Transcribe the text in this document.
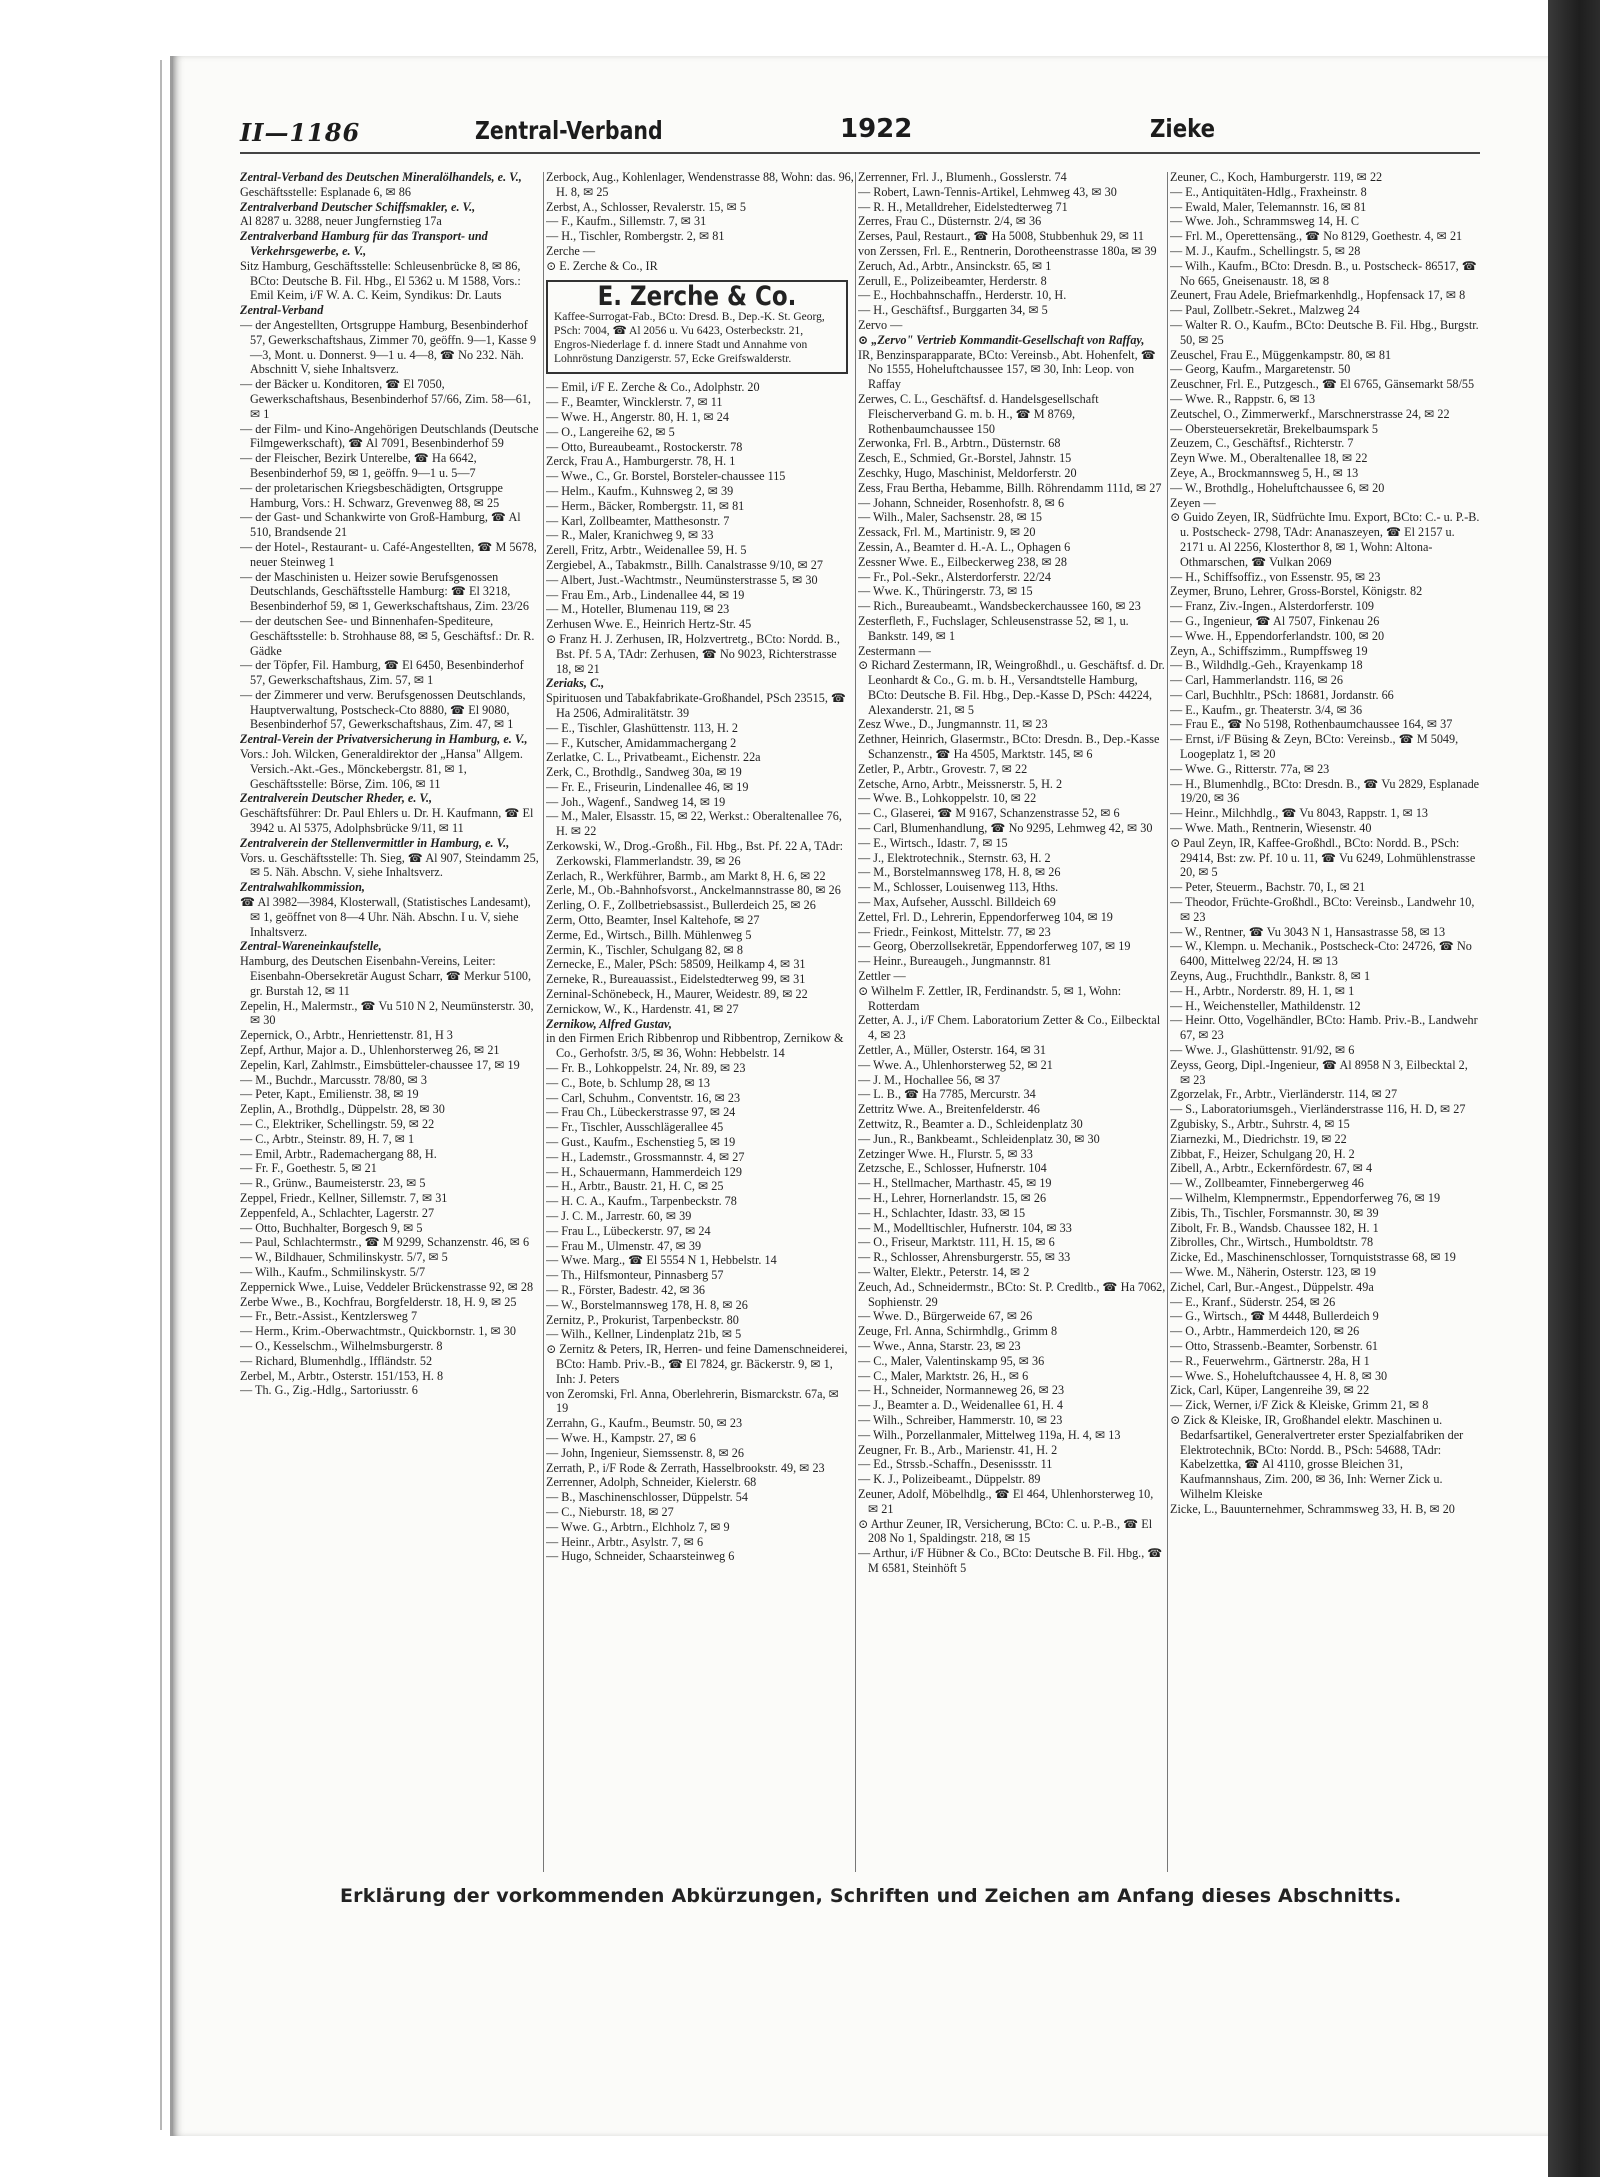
II—1186	Zentral-Verband	1922	Zieke
Zentral-Verband des Deutschen Mineralölhandels, e. V.,
Geschäftsstelle: Esplanade 6, ✉ 86
Zentralverband Deutscher Schiffsmakler, e. V.,
Al 8287 u. 3288, neuer Jungfernstieg 17a
Zentralverband Hamburg für das Transport- und Verkehrsgewerbe, e. V.,
Sitz Hamburg, Geschäftsstelle: Schleusenbrücke 8, ✉ 86, BCto: Deutsche B. Fil. Hbg., El 5362 u. M 1588, Vors.: Emil Keim, i/F W. A. C. Keim, Syndikus: Dr. Lauts
Zentral-Verband
— der Angestellten, Ortsgruppe Hamburg, Besenbinderhof 57, Gewerkschaftshaus, Zimmer 70, geöffn. 9—1, Kasse 9—3, Mont. u. Donnerst. 9—1 u. 4—8, ☎ No 232. Näh. Abschnitt V, siehe Inhaltsverz.
— der Bäcker u. Konditoren, ☎ El 7050, Gewerkschaftshaus, Besenbinderhof 57/66, Zim. 58—61, ✉ 1
— der Film- und Kino-Angehörigen Deutschlands (Deutsche Filmgewerkschaft), ☎ Al 7091, Besenbinderhof 59
— der Fleischer, Bezirk Unterelbe, ☎ Ha 6642, Besenbinderhof 59, ✉ 1, geöffn. 9—1 u. 5—7
— der proletarischen Kriegsbeschädigten, Ortsgruppe Hamburg, Vors.: H. Schwarz, Grevenweg 88, ✉ 25
— der Gast- und Schankwirte von Groß-Hamburg, ☎ Al 510, Brandsende 21
— der Hotel-, Restaurant- u. Café-Angestellten, ☎ M 5678, neuer Steinweg 1
— der Maschinisten u. Heizer sowie Berufsgenossen Deutschlands, Geschäftsstelle Hamburg: ☎ El 3218, Besenbinderhof 59, ✉ 1, Gewerkschaftshaus, Zim. 23/26
— der deutschen See- und Binnenhafen-Spediteure, Geschäftsstelle: b. Strohhause 88, ✉ 5, Geschäftsf.: Dr. R. Gädke
— der Töpfer, Fil. Hamburg, ☎ El 6450, Besenbinderhof 57, Gewerkschaftshaus, Zim. 57, ✉ 1
— der Zimmerer und verw. Berufsgenossen Deutschlands, Hauptverwaltung, Postscheck-Cto 8880, ☎ El 9080, Besenbinderhof 57, Gewerkschaftshaus, Zim. 47, ✉ 1
Zentral-Verein der Privatversicherung in Hamburg, e. V.,
Vors.: Joh. Wilcken, Generaldirektor der „Hansa" Allgem. Versich.-Akt.-Ges., Mönckebergstr. 81, ✉ 1, Geschäftsstelle: Börse, Zim. 106, ✉ 11
Zentralverein Deutscher Rheder, e. V.,
Geschäftsführer: Dr. Paul Ehlers u. Dr. H. Kaufmann, ☎ El 3942 u. Al 5375, Adolphsbrücke 9/11, ✉ 11
Zentralverein der Stellenvermittler in Hamburg, e. V.,
Vors. u. Geschäftsstelle: Th. Sieg, ☎ Al 907, Steindamm 25, ✉ 5. Näh. Abschn. V, siehe Inhaltsverz.
Zentralwahlkommission,
☎ Al 3982—3984, Klosterwall, (Statistisches Landesamt), ✉ 1, geöffnet von 8—4 Uhr. Näh. Abschn. I u. V, siehe Inhaltsverz.
Zentral-Wareneinkaufstelle,
Hamburg, des Deutschen Eisenbahn-Vereins, Leiter: Eisenbahn-Obersekretär August Scharr, ☎ Merkur 5100, gr. Burstah 12, ✉ 11
Zepelin, H., Malermstr., ☎ Vu 510 N 2, Neumünsterstr. 30, ✉ 30
Zepernick, O., Arbtr., Henriettenstr. 81, H 3
Zepf, Arthur, Major a. D., Uhlenhorsterweg 26, ✉ 21
Zepelin, Karl, Zahlmstr., Eimsbütteler-chaussee 17, ✉ 19
— M., Buchdr., Marcusstr. 78/80, ✉ 3
— Peter, Kapt., Emilienstr. 38, ✉ 19
Zeplin, A., Brothdlg., Düppelstr. 28, ✉ 30
— C., Elektriker, Schellingstr. 59, ✉ 22
— C., Arbtr., Steinstr. 89, H. 7, ✉ 1
— Emil, Arbtr., Rademachergang 88, H.
— Fr. F., Goethestr. 5, ✉ 21
— R., Grünw., Baumeisterstr. 23, ✉ 5
Zeppel, Friedr., Kellner, Sillemstr. 7, ✉ 31
Zeppenfeld, A., Schlachter, Lagerstr. 27
— Otto, Buchhalter, Borgesch 9, ✉ 5
— Paul, Schlachtermstr., ☎ M 9299, Schanzenstr. 46, ✉ 6
— W., Bildhauer, Schmilinskystr. 5/7, ✉ 5
— Wilh., Kaufm., Schmilinskystr. 5/7
Zeppernick Wwe., Luise, Veddeler Brückenstrasse 92, ✉ 28
Zerbe Wwe., B., Kochfrau, Borgfelderstr. 18, H. 9, ✉ 25
— Fr., Betr.-Assist., Kentzlersweg 7
— Herm., Krim.-Oberwachtmstr., Quickbornstr. 1, ✉ 30
— O., Kesselschm., Wilhelmsburgerstr. 8
— Richard, Blumenhdlg., Iffländstr. 52
Zerbel, M., Arbtr., Osterstr. 151/153, H. 8
— Th. G., Zig.-Hdlg., Sartoriusstr. 6
Zerbock, Aug., Kohlenlager, Wendenstrasse 88, Wohn: das. 96, H. 8, ✉ 25
Zerbst, A., Schlosser, Revalerstr. 15, ✉ 5
— F., Kaufm., Sillemstr. 7, ✉ 31
— H., Tischler, Rombergstr. 2, ✉ 81
Zerche —
⊙ E. Zerche & Co., IR
E. Zerche & Co.
Kaffee-Surrogat-Fab., BCto: Dresd. B., Dep.-K. St. Georg, PSch: 7004, ☎ Al 2056 u. Vu 6423, Osterbeckstr. 21, Engros-Niederlage f. d. innere Stadt und Annahme von Lohnröstung Danzigerstr. 57, Ecke Greifswalderstr.
— Emil, i/F E. Zerche & Co., Adolphstr. 20
— F., Beamter, Wincklerstr. 7, ✉ 11
— Wwe. H., Angerstr. 80, H. 1, ✉ 24
— O., Langereihe 62, ✉ 5
— Otto, Bureaubeamt., Rostockerstr. 78
Zerck, Frau A., Hamburgerstr. 78, H. 1
— Wwe., C., Gr. Borstel, Borsteler-chaussee 115
— Helm., Kaufm., Kuhnsweg 2, ✉ 39
— Herm., Bäcker, Rombergstr. 11, ✉ 81
— Karl, Zollbeamter, Matthesonstr. 7
— R., Maler, Kranichweg 9, ✉ 33
Zerell, Fritz, Arbtr., Weidenallee 59, H. 5
Zergiebel, A., Tabakmstr., Billh. Canalstrasse 9/10, ✉ 27
— Albert, Just.-Wachtmstr., Neumünsterstrasse 5, ✉ 30
— Frau Em., Arb., Lindenallee 44, ✉ 19
— M., Hoteller, Blumenau 119, ✉ 23
Zerhusen Wwe. E., Heinrich Hertz-Str. 45
⊙ Franz H. J. Zerhusen, IR, Holzvertretg., BCto: Nordd. B., Bst. Pf. 5 A, TAdr: Zerhusen, ☎ No 9023, Richterstrasse 18, ✉ 21
Zeriaks, C.,
Spirituosen und Tabakfabrikate-Großhandel, PSch 23515, ☎ Ha 2506, Admiralitätstr. 39
— E., Tischler, Glashüttenstr. 113, H. 2
— F., Kutscher, Amidammachergang 2
Zerlatke, C. L., Privatbeamt., Eichenstr. 22a
Zerk, C., Brothdlg., Sandweg 30a, ✉ 19
— Fr. E., Friseurin, Lindenallee 46, ✉ 19
— Joh., Wagenf., Sandweg 14, ✉ 19
— M., Maler, Elsasstr. 15, ✉ 22, Werkst.: Oberaltenallee 76, H. ✉ 22
Zerkowski, W., Drog.-Großh., Fil. Hbg., Bst. Pf. 22 A, TAdr: Zerkowski, Flammerlandstr. 39, ✉ 26
Zerlach, R., Werkführer, Barmb., am Markt 8, H. 6, ✉ 22
Zerle, M., Ob.-Bahnhofsvorst., Anckelmannstrasse 80, ✉ 26
Zerling, O. F., Zollbetriebsassist., Bullerdeich 25, ✉ 26
Zerm, Otto, Beamter, Insel Kaltehofe, ✉ 27
Zerme, Ed., Wirtsch., Billh. Mühlenweg 5
Zermin, K., Tischler, Schulgang 82, ✉ 8
Zernecke, E., Maler, PSch: 58509, Heilkamp 4, ✉ 31
Zerneke, R., Bureauassist., Eidelstedterweg 99, ✉ 31
Zerninal-Schönebeck, H., Maurer, Weidestr. 89, ✉ 22
Zernickow, W., K., Hardenstr. 41, ✉ 27
Zernikow, Alfred Gustav,
in den Firmen Erich Ribbenrop und Ribbentrop, Zernikow & Co., Gerhofstr. 3/5, ✉ 36, Wohn: Hebbelstr. 14
— Fr. B., Lohkoppelstr. 24, Nr. 89, ✉ 23
— C., Bote, b. Schlump 28, ✉ 13
— Carl, Schuhm., Conventstr. 16, ✉ 23
— Frau Ch., Lübeckerstrasse 97, ✉ 24
— Fr., Tischler, Ausschlägerallee 45
— Gust., Kaufm., Eschenstieg 5, ✉ 19
— H., Lademstr., Grossmannstr. 4, ✉ 27
— H., Schauermann, Hammerdeich 129
— H., Arbtr., Baustr. 21, H. C, ✉ 25
— H. C. A., Kaufm., Tarpenbeckstr. 78
— J. C. M., Jarrestr. 60, ✉ 39
— Frau L., Lübeckerstr. 97, ✉ 24
— Frau M., Ulmenstr. 47, ✉ 39
— Wwe. Marg., ☎ El 5554 N 1, Hebbelstr. 14
— Th., Hilfsmonteur, Pinnasberg 57
— R., Förster, Badestr. 42, ✉ 36
— W., Borstelmannsweg 178, H. 8, ✉ 26
Zernitz, P., Prokurist, Tarpenbeckstr. 80
— Wilh., Kellner, Lindenplatz 21b, ✉ 5
⊙ Zernitz & Peters, IR, Herren- und feine Damenschneiderei, BCto: Hamb. Priv.-B., ☎ El 7824, gr. Bäckerstr. 9, ✉ 1, Inh: J. Peters
von Zeromski, Frl. Anna, Oberlehrerin, Bismarckstr. 67a, ✉ 19
Zerrahn, G., Kaufm., Beumstr. 50, ✉ 23
— Wwe. H., Kampstr. 27, ✉ 6
— John, Ingenieur, Siemssenstr. 8, ✉ 26
Zerrath, P., i/F Rode & Zerrath, Hasselbrookstr. 49, ✉ 23
Zerrenner, Adolph, Schneider, Kielerstr. 68
— B., Maschinenschlosser, Düppelstr. 54
— C., Nieburstr. 18, ✉ 27
— Wwe. G., Arbtrn., Elchholz 7, ✉ 9
— Heinr., Arbtr., Asylstr. 7, ✉ 6
— Hugo, Schneider, Schaarsteinweg 6
Zerrenner, Frl. J., Blumenh., Gosslerstr. 74
— Robert, Lawn-Tennis-Artikel, Lehmweg 43, ✉ 30
— R. H., Metalldreher, Eidelstedterweg 71
Zerres, Frau C., Düsternstr. 2/4, ✉ 36
Zerses, Paul, Restaurt., ☎ Ha 5008, Stubbenhuk 29, ✉ 11
von Zerssen, Frl. E., Rentnerin, Dorotheenstrasse 180a, ✉ 39
Zeruch, Ad., Arbtr., Ansinckstr. 65, ✉ 1
Zerull, E., Polizeibeamter, Herderstr. 8
— E., Hochbahnschaffn., Herderstr. 10, H.
— H., Geschäftsf., Burggarten 34, ✉ 5
Zervo —
⊙ „Zervo" Vertrieb Kommandit-Gesellschaft von Raffay,
IR, Benzinsparapparate, BCto: Vereinsb., Abt. Hohenfelt, ☎ No 1555, Hoheluftchaussee 157, ✉ 30, Inh: Leop. von Raffay
Zerwes, C. L., Geschäftsf. d. Handelsgesellschaft Fleischerverband G. m. b. H., ☎ M 8769, Rothenbaumchaussee 150
Zerwonka, Frl. B., Arbtrn., Düsternstr. 68
Zesch, E., Schmied, Gr.-Borstel, Jahnstr. 15
Zeschky, Hugo, Maschinist, Meldorferstr. 20
Zess, Frau Bertha, Hebamme, Billh. Röhrendamm 111d, ✉ 27
— Johann, Schneider, Rosenhofstr. 8, ✉ 6
— Wilh., Maler, Sachsenstr. 28, ✉ 15
Zessack, Frl. M., Martinistr. 9, ✉ 20
Zessin, A., Beamter d. H.-A. L., Ophagen 6
Zessner Wwe. E., Eilbeckerweg 238, ✉ 28
— Fr., Pol.-Sekr., Alsterdorferstr. 22/24
— Wwe. K., Thüringerstr. 73, ✉ 15
— Rich., Bureaubeamt., Wandsbeckerchaussee 160, ✉ 23
Zesterfleth, F., Fuchslager, Schleusenstrasse 52, ✉ 1, u. Bankstr. 149, ✉ 1
Zestermann —
⊙ Richard Zestermann, IR, Weingroßhdl., u. Geschäftsf. d. Dr. Leonhardt & Co., G. m. b. H., Versandtstelle Hamburg, BCto: Deutsche B. Fil. Hbg., Dep.-Kasse D, PSch: 44224, Alexanderstr. 21, ✉ 5
Zesz Wwe., D., Jungmannstr. 11, ✉ 23
Zethner, Heinrich, Glasermstr., BCto: Dresdn. B., Dep.-Kasse Schanzenstr., ☎ Ha 4505, Marktstr. 145, ✉ 6
Zetler, P., Arbtr., Grovestr. 7, ✉ 22
Zetsche, Arno, Arbtr., Meissnerstr. 5, H. 2
— Wwe. B., Lohkoppelstr. 10, ✉ 22
— C., Glaserei, ☎ M 9167, Schanzenstrasse 52, ✉ 6
— Carl, Blumenhandlung, ☎ No 9295, Lehmweg 42, ✉ 30
— E., Wirtsch., Idastr. 7, ✉ 15
— J., Elektrotechnik., Sternstr. 63, H. 2
— M., Borstelmannsweg 178, H. 8, ✉ 26
— M., Schlosser, Louisenweg 113, Hths.
— Max, Aufseher, Ausschl. Billdeich 69
Zettel, Frl. D., Lehrerin, Eppendorferweg 104, ✉ 19
— Friedr., Feinkost, Mittelstr. 77, ✉ 23
— Georg, Oberzollsekretär, Eppendorferweg 107, ✉ 19
— Heinr., Bureaugeh., Jungmannstr. 81
Zettler —
⊙ Wilhelm F. Zettler, IR, Ferdinandstr. 5, ✉ 1, Wohn: Rotterdam
Zetter, A. J., i/F Chem. Laboratorium Zetter & Co., Eilbecktal 4, ✉ 23
Zettler, A., Müller, Osterstr. 164, ✉ 31
— Wwe. A., Uhlenhorsterweg 52, ✉ 21
— J. M., Hochallee 56, ✉ 37
— L. B., ☎ Ha 7785, Mercurstr. 34
Zettritz Wwe. A., Breitenfelderstr. 46
Zettwitz, R., Beamter a. D., Schleidenplatz 30
— Jun., R., Bankbeamt., Schleidenplatz 30, ✉ 30
Zetzinger Wwe. H., Flurstr. 5, ✉ 33
Zetzsche, E., Schlosser, Hufnerstr. 104
— H., Stellmacher, Marthastr. 45, ✉ 19
— H., Lehrer, Hornerlandstr. 15, ✉ 26
— H., Schlachter, Idastr. 33, ✉ 15
— M., Modelltischler, Hufnerstr. 104, ✉ 33
— O., Friseur, Marktstr. 111, H. 15, ✉ 6
— R., Schlosser, Ahrensburgerstr. 55, ✉ 33
— Walter, Elektr., Peterstr. 14, ✉ 2
Zeuch, Ad., Schneidermstr., BCto: St. P. Credltb., ☎ Ha 7062, Sophienstr. 29
— Wwe. D., Bürgerweide 67, ✉ 26
Zeuge, Frl. Anna, Schirmhdlg., Grimm 8
— Wwe., Anna, Starstr. 23, ✉ 23
— C., Maler, Valentinskamp 95, ✉ 36
— C., Maler, Marktstr. 26, H., ✉ 6
— H., Schneider, Normanneweg 26, ✉ 23
— J., Beamter a. D., Weidenallee 61, H. 4
— Wilh., Schreiber, Hammerstr. 10, ✉ 23
— Wilh., Porzellanmaler, Mittelweg 119a, H. 4, ✉ 13
Zeugner, Fr. B., Arb., Marienstr. 41, H. 2
— Ed., Strssb.-Schaffn., Desenissstr. 11
— K. J., Polizeibeamt., Düppelstr. 89
Zeuner, Adolf, Möbelhdlg., ☎ El 464, Uhlenhorsterweg 10, ✉ 21
⊙ Arthur Zeuner, IR, Versicherung, BCto: C. u. P.-B., ☎ El 208 No 1, Spaldingstr. 218, ✉ 15
— Arthur, i/F Hübner & Co., BCto: Deutsche B. Fil. Hbg., ☎ M 6581, Steinhöft 5
Zeuner, C., Koch, Hamburgerstr. 119, ✉ 22
— E., Antiquitäten-Hdlg., Fraxheinstr. 8
— Ewald, Maler, Telemannstr. 16, ✉ 81
— Wwe. Joh., Schrammsweg 14, H. C
— Frl. M., Operettensäng., ☎ No 8129, Goethestr. 4, ✉ 21
— M. J., Kaufm., Schellingstr. 5, ✉ 28
— Wilh., Kaufm., BCto: Dresdn. B., u. Postscheck- 86517, ☎ No 665, Gneisenaustr. 18, ✉ 8
Zeunert, Frau Adele, Briefmarkenhdlg., Hopfensack 17, ✉ 8
— Paul, Zollbetr.-Sekret., Malzweg 24
— Walter R. O., Kaufm., BCto: Deutsche B. Fil. Hbg., Burgstr. 50, ✉ 25
Zeuschel, Frau E., Müggenkampstr. 80, ✉ 81
— Georg, Kaufm., Margaretenstr. 50
Zeuschner, Frl. E., Putzgesch., ☎ El 6765, Gänsemarkt 58/55
— Wwe. R., Rappstr. 6, ✉ 13
Zeutschel, O., Zimmerwerkf., Marschnerstrasse 24, ✉ 22
— Obersteuersekretär, Brekelbaumspark 5
Zeuzem, C., Geschäftsf., Richterstr. 7
Zeyn Wwe. M., Oberaltenallee 18, ✉ 22
Zeye, A., Brockmannsweg 5, H., ✉ 13
— W., Brothdlg., Hoheluftchaussee 6, ✉ 20
Zeyen —
⊙ Guido Zeyen, IR, Südfrüchte Imu. Export, BCto: C.- u. P.-B. u. Postscheck- 2798, TAdr: Ananaszeyen, ☎ El 2157 u. 2171 u. Al 2256, Klosterthor 8, ✉ 1, Wohn: Altona-Othmarschen, ☎ Vulkan 2069
— H., Schiffsoffiz., von Essenstr. 95, ✉ 23
Zeymer, Bruno, Lehrer, Gross-Borstel, Königstr. 82
— Franz, Ziv.-Ingen., Alsterdorferstr. 109
— G., Ingenieur, ☎ Al 7507, Finkenau 26
— Wwe. H., Eppendorferlandstr. 100, ✉ 20
Zeyn, A., Schiffszimm., Rumpffsweg 19
— B., Wildhdlg.-Geh., Krayenkamp 18
— Carl, Hammerlandstr. 116, ✉ 26
— Carl, Buchhltr., PSch: 18681, Jordanstr. 66
— E., Kaufm., gr. Theaterstr. 3/4, ✉ 36
— Frau E., ☎ No 5198, Rothenbaumchaussee 164, ✉ 37
— Ernst, i/F Büsing & Zeyn, BCto: Vereinsb., ☎ M 5049, Loogeplatz 1, ✉ 20
— Wwe. G., Ritterstr. 77a, ✉ 23
— H., Blumenhdlg., BCto: Dresdn. B., ☎ Vu 2829, Esplanade 19/20, ✉ 36
— Heinr., Milchhdlg., ☎ Vu 8043, Rappstr. 1, ✉ 13
— Wwe. Math., Rentnerin, Wiesenstr. 40
⊙ Paul Zeyn, IR, Kaffee-Großhdl., BCto: Nordd. B., PSch: 29414, Bst: zw. Pf. 10 u. 11, ☎ Vu 6249, Lohmühlenstrasse 20, ✉ 5
— Peter, Steuerm., Bachstr. 70, I., ✉ 21
— Theodor, Früchte-Großhdl., BCto: Vereinsb., Landwehr 10, ✉ 23
— W., Rentner, ☎ Vu 3043 N 1, Hansastrasse 58, ✉ 13
— W., Klempn. u. Mechanik., Postscheck-Cto: 24726, ☎ No 6400, Mittelweg 22/24, H. ✉ 13
Zeyns, Aug., Fruchthdlr., Bankstr. 8, ✉ 1
— H., Arbtr., Norderstr. 89, H. 1, ✉ 1
— H., Weichensteller, Mathildenstr. 12
— Heinr. Otto, Vogelhändler, BCto: Hamb. Priv.-B., Landwehr 67, ✉ 23
— Wwe. J., Glashüttenstr. 91/92, ✉ 6
Zeyss, Georg, Dipl.-Ingenieur, ☎ Al 8958 N 3, Eilbecktal 2, ✉ 23
Zgorzelak, Fr., Arbtr., Vierländerstr. 114, ✉ 27
— S., Laboratoriumsgeh., Vierländerstrasse 116, H. D, ✉ 27
Zgubisky, S., Arbtr., Suhrstr. 4, ✉ 15
Ziarnezki, M., Diedrichstr. 19, ✉ 22
Zibbat, F., Heizer, Schulgang 20, H. 2
Zibell, A., Arbtr., Eckernfördestr. 67, ✉ 4
— W., Zollbeamter, Finnebergerweg 46
— Wilhelm, Klempnermstr., Eppendorferweg 76, ✉ 19
Zibis, Th., Tischler, Forsmannstr. 30, ✉ 39
Zibolt, Fr. B., Wandsb. Chaussee 182, H. 1
Zibrolles, Chr., Wirtsch., Humboldtstr. 78
Zicke, Ed., Maschinenschlosser, Tornquiststrasse 68, ✉ 19
— Wwe. M., Näherin, Osterstr. 123, ✉ 19
Zichel, Carl, Bur.-Angest., Düppelstr. 49a
— E., Kranf., Süderstr. 254, ✉ 26
— G., Wirtsch., ☎ M 4448, Bullerdeich 9
— O., Arbtr., Hammerdeich 120, ✉ 26
— Otto, Strassenb.-Beamter, Sorbenstr. 61
— R., Feuerwehrm., Gärtnerstr. 28a, H 1
— Wwe. S., Hoheluftchaussee 4, H. 8, ✉ 30
Zick, Carl, Küper, Langenreihe 39, ✉ 22
— Zick, Werner, i/F Zick & Kleiske, Grimm 21, ✉ 8
⊙ Zick & Kleiske, IR, Großhandel elektr. Maschinen u. Bedarfsartikel, Generalvertreter erster Spezialfabriken der Elektrotechnik, BCto: Nordd. B., PSch: 54688, TAdr: Kabelzettka, ☎ Al 4110, grosse Bleichen 31, Kaufmannshaus, Zim. 200, ✉ 36, Inh: Werner Zick u. Wilhelm Kleiske
Zicke, L., Bauunternehmer, Schrammsweg 33, H. B, ✉ 20
Erklärung der vorkommenden Abkürzungen, Schriften und Zeichen am Anfang dieses Abschnitts.
